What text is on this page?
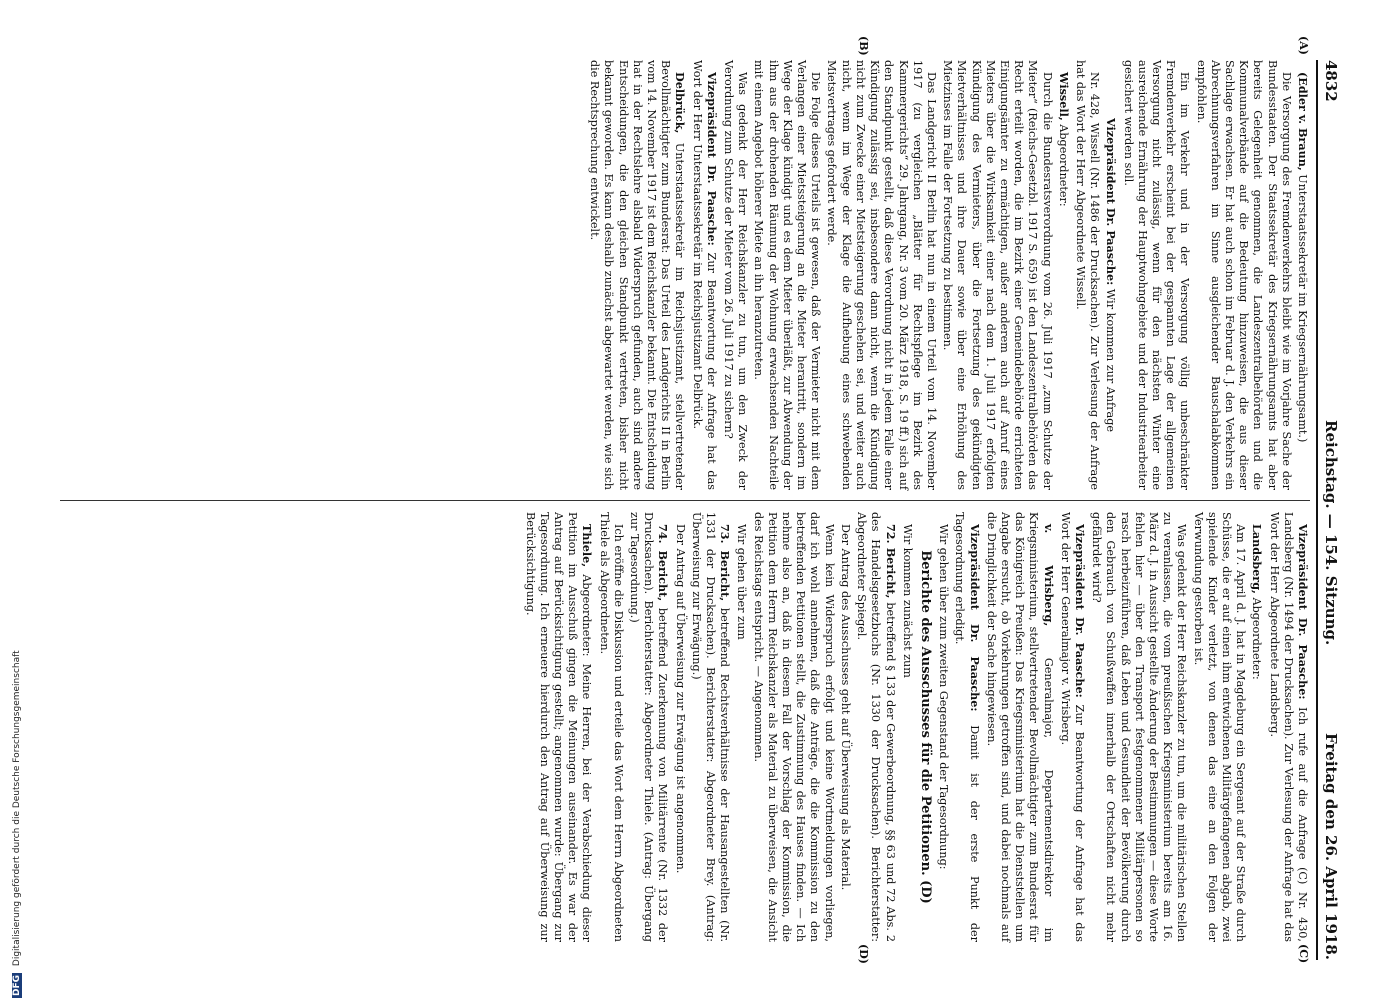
4832
Reichstag. — 154. Sitzung.
Freitag den 26. April 1918.
(A)
(B)
(C)
(D)

(Edler v. Braun, Unterstaatssekretär im Kriegsernährungsamt.)

Die Versorgung des Fremdenverkehrs bleibt wie im Vorjahre Sache der Bundesstaaten. Der Staatssekretär des Kriegsernährungsamts hat aber bereits Gelegenheit genommen, die Landeszentralbehörden und die Kommunalverbände auf die Bedeutung hinzuweisen, die aus dieser Sachlage erwachsen. Er hat auch schon im Februar d. J. den Verkehrs ein Abrechnungsverfahren im Sinne ausgleichender Bauschalabkommen empfohlen.

Ein im Verkehr und in der Versorgung völlig unbeschränkter Fremdenverkehr erscheint bei der gespannten Lage der allgemeinen Versorgung nicht zulässig, wenn für den nächsten Winter eine ausreichende Ernährung der Hauptwohngebiete und der Industriearbeiter gesichert werden soll.

Vizepräsident Dr. Paasche: Wir kommen zur Anfrage

Nr. 428, Wissell (Nr. 1486 der Drucksachen). Zur Verlesung der Anfrage hat das Wort der Herr Abgeordnete Wissell.

Wissell, Abgeordneter:

Durch die Bundesratsverordnung vom 26. Juli 1917 „zum Schutze der Mieter“ (Reichs-Gesetzbl. 1917 S. 659) ist den Landeszentralbehörden das Recht erteilt worden, die im Bezirk einer Gemeindebehörde errichteten Einigungsämter zu ermächtigen, außer anderem auch auf Anruf eines Mieters über die Wirksamkeit einer nach dem 1. Juli 1917 erfolgten Kündigung des Vermieters, über die Fortsetzung des gekündigten Mietverhältnisses und ihre Dauer sowie über eine Erhöhung des Mietzinses im Falle der Fortsetzung zu bestimmen.

Das Landgericht II Berlin hat nun in einem Urteil vom 14. November 1917 (zu vergleichen „Blätter für Rechtspflege im Bezirk des Kammergerichts“ 29. Jahrgang, Nr. 3 vom 20. März 1918, S. 19 ff.) sich auf den Standpunkt gestellt, daß diese Verordnung nicht in jedem Falle einer Kündigung zulässig sei, insbesondere dann nicht, wenn die Kündigung nicht zum Zwecke einer Mietsteigerung geschehen sei, und weiter auch nicht, wenn im Wege der Klage die Aufhebung eines schwebenden Mietsvertrages gefordert werde.

Die Folge dieses Urteils ist gewesen, daß der Vermieter nicht mit dem Verlangen einer Mietssteigerung an die Mieter herantritt, sondern im Wege der Klage kündigt und es dem Mieter überläßt, zur Abwendung der ihm aus der drohenden Räumung der Wohnung erwachsenden Nachteile mit einem Angebot höherer Miete an ihn heranzutreten.

Was gedenkt der Herr Reichskanzler zu tun, um den Zweck der Verordnung zum Schutze der Mieter vom 26. Juli 1917 zu sichern?

Vizepräsident Dr. Paasche: Zur Beantwortung der Anfrage hat das Wort der Herr Unterstaatssekretär im Reichsjustizamt Delbrück.

Delbrück, Unterstaatssekretär im Reichsjustizamt, stellvertretender Bevollmächtigter zum Bundesrat: Das Urteil des Landgerichts II in Berlin vom 14. November 1917 ist dem Reichskanzler bekannt. Die Entscheidung hat in der Rechtslehre alsbald Widerspruch gefunden, auch sind andere Entscheidungen, die den gleichen Standpunkt vertreten, bisher nicht bekannt geworden. Es kann deshalb zunächst abgewartet werden, wie sich die Rechtsprechung entwickelt.

Vizepräsident Dr. Paasche: Ich rufe auf die Anfrage (C) Nr. 430, Landsberg (Nr. 1494 der Drucksachen). Zur Verlesung der Anfrage hat das Wort der Herr Abgeordnete Landsberg.

Landsberg, Abgeordneter:

Am 17. April d. J. hat in Magdeburg ein Sergeant auf der Straße durch Schüsse, die er auf einen ihm entwichenen Militärgefangenen abgab, zwei spielende Kinder verletzt, von denen das eine an den Folgen der Verwundung gestorben ist.

Was gedenkt der Herr Reichskanzler zu tun, um die militärischen Stellen zu veranlassen, die vom preußischen Kriegsministerium bereits am 16. März d. J. in Aussicht gestellte Änderung der Bestimmungen — diese Worte fehlen hier — über den Transport festgenommener Militärpersonen so rasch herbeizuführen, daß Leben und Gesundheit der Bevölkerung durch den Gebrauch von Schußwaffen innerhalb der Ortschaften nicht mehr gefährdet wird?

Vizepräsident Dr. Paasche: Zur Beantwortung der Anfrage hat das Wort der Herr Generalmajor v. Wrisberg.

v. Wrisberg, Generalmajor, Departementsdirektor im Kriegsministerium, stellvertretender Bevollmächtigter zum Bundesrat für das Königreich Preußen: Das Kriegsministerium hat die Dienststellen um Angabe ersucht, ob Vorkehrungen getroffen sind, und dabei nochmals auf die Dringlichkeit der Sache hingewiesen.

Vizepräsident Dr. Paasche: Damit ist der erste Punkt der Tagesordnung erledigt.

Wir gehen über zum zweiten Gegenstand der Tagesordnung:

Berichte des Ausschusses für die Petitionen. (D)

Wir kommen zunächst zum

72. Bericht, betreffend § 133 der Gewerbeordnung, §§ 63 und 72 Abs. 2 des Handelsgesetzbuchs (Nr. 1330 der Drucksachen). Berichterstatter: Abgeordneter Spiegel.

Der Antrag des Ausschusses geht auf Überweisung als Material.

Wenn kein Widerspruch erfolgt und keine Wortmeldungen vorliegen, darf ich wohl annehmen, daß die Anträge, die die Kommission zu den betreffenden Petitionen stellt, die Zustimmung des Hauses finden. — Ich nehme also an, daß in diesem Fall der Vorschlag der Kommission, die Petition dem Herrn Reichskanzler als Material zu überweisen, die Ansicht des Reichstags entspricht. — Angenommen.

Wir gehen über zum

73. Bericht, betreffend Rechtsverhältnisse der Hausangestellten (Nr. 1331 der Drucksachen). Berichterstatter: Abgeordneter Brey. (Antrag: Überweisung zur Erwägung.)

Der Antrag auf Überweisung zur Erwägung ist angenommen.

74. Bericht, betreffend Zuerkennung von Militärrente (Nr. 1332 der Drucksachen). Berichterstatter: Abgeordneter Thiele. (Antrag: Übergang zur Tagesordnung.)

Ich eröffne die Diskussion und erteile das Wort dem Herrn Abgeordneten Thiele als Abgeordneten.

Thiele, Abgeordneter: Meine Herren, bei der Verabschiedung dieser Petition im Ausschuß gingen die Meinungen auseinander. Es war der Antrag auf Berücksichtigung gestellt; angenommen wurde: Übergang zur Tagesordnung. Ich erneuere hierdurch den Antrag auf Überweisung zur Berücksichtigung.

DFG Digitalisierung gefördert durch die Deutsche Forschungsgemeinschaft
